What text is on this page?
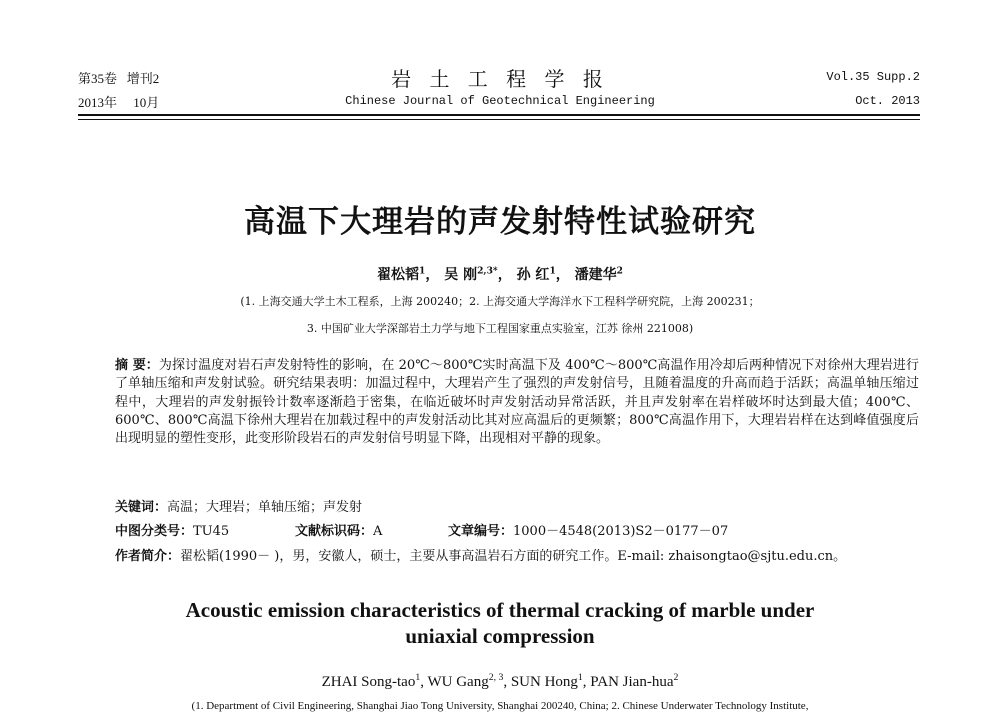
第35卷 增刊2
2013年 10月
岩 土 工 程 学 报
Chinese Journal of Geotechnical Engineering
Vol.35 Supp.2
Oct. 2013
高温下大理岩的声发射特性试验研究
翟松韬$^1$， 吴 刚$^{2,3*}$， 孙 红$^1$， 潘建华$^2$
(1. 上海交通大学土木工程系，上海 200240；2. 上海交通大学海洋水下工程科学研究院，上海 200231；
3. 中国矿业大学深部岩土力学与地下工程国家重点实验室，江苏 徐州 221008)
摘 要：为探讨温度对岩石声发射特性的影响，在 20℃～800℃实时高温下及 400℃～800℃高温作用冷却后两种情况下对徐州大理岩进行了单轴压缩和声发射试验。研究结果表明：加温过程中，大理岩产生了强烈的声发射信号，且随着温度的升高而趋于活跃；高温单轴压缩过程中，大理岩的声发射振铃计数率逐渐趋于密集，在临近破坏时声发射活动异常活跃，并且声发射率在岩样破坏时达到最大值；400℃、600℃、800℃高温下徐州大理岩在加载过程中的声发射活动比其对应高温后的更频繁；800℃高温作用下，大理岩岩样在达到峰值强度后出现明显的塑性变形，此变形阶段岩石的声发射信号明显下降，出现相对平静的现象。
关键词：高温；大理岩；单轴压缩；声发射
中图分类号：TU45	文献标识码：A	文章编号：1000－4548(2013)S2－0177－07
作者简介：翟松韬(1990－ )，男，安徽人，硕士，主要从事高温岩石方面的研究工作。E-mail: zhaisongtao@sjtu.edu.cn。
Acoustic emission characteristics of thermal cracking of marble under
uniaxial compression
ZHAI Song-tao$^1$, WU Gang$^{2, 3}$, SUN Hong$^1$, PAN Jian-hua$^2$
(1. Department of Civil Engineering, Shanghai Jiao Tong University, Shanghai 200240, China; 2. Chinese Underwater Technology Institute,
